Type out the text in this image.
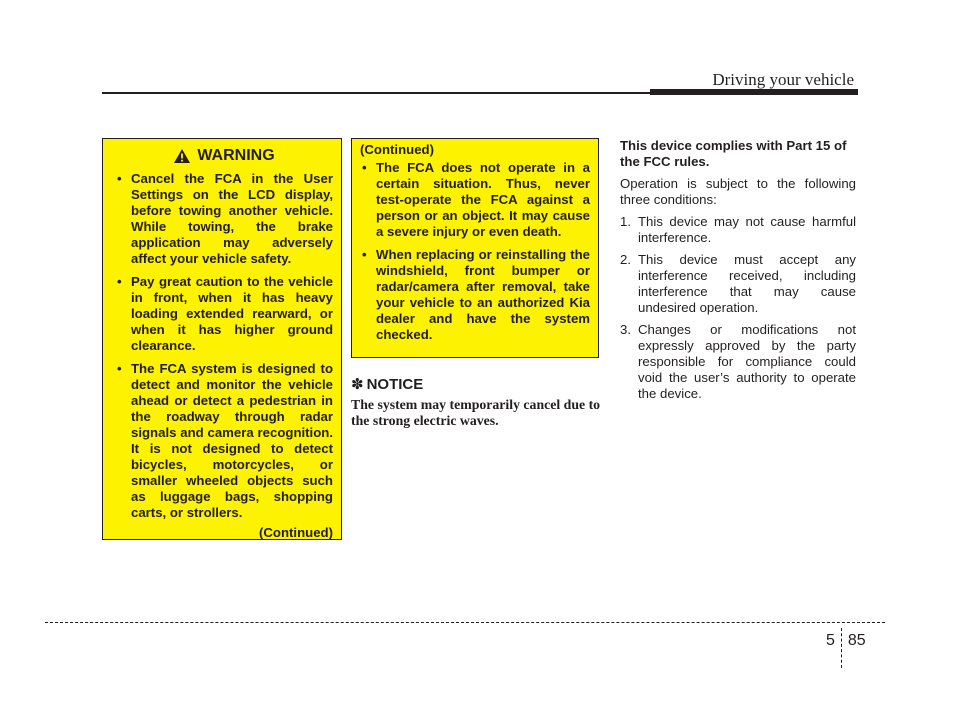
Driving your vehicle
WARNING
• Cancel the FCA in the User Settings on the LCD display, before towing another vehicle. While towing, the brake application may adversely affect your vehicle safety.
• Pay great caution to the vehicle in front, when it has heavy loading extended rearward, or when it has higher ground clearance.
• The FCA system is designed to detect and monitor the vehicle ahead or detect a pedestrian in the roadway through radar signals and camera recognition. It is not designed to detect bicycles, motorcycles, or smaller wheeled objects such as luggage bags, shopping carts, or strollers.
(Continued)
(Continued)
• The FCA does not operate in a certain situation. Thus, never test-operate the FCA against a person or an object. It may cause a severe injury or even death.
• When replacing or reinstalling the windshield, front bumper or radar/camera after removal, take your vehicle to an authorized Kia dealer and have the system checked.
✽ NOTICE
The system may temporarily cancel due to the strong electric waves.

This device complies with Part 15 of the FCC rules.

Operation is subject to the following three conditions:

1. This device may not cause harmful interference.
2. This device must accept any interference received, including interference that may cause undesired operation.
3. Changes or modifications not expressly approved by the party responsible for compliance could void the user’s authority to operate the device.
5 85
